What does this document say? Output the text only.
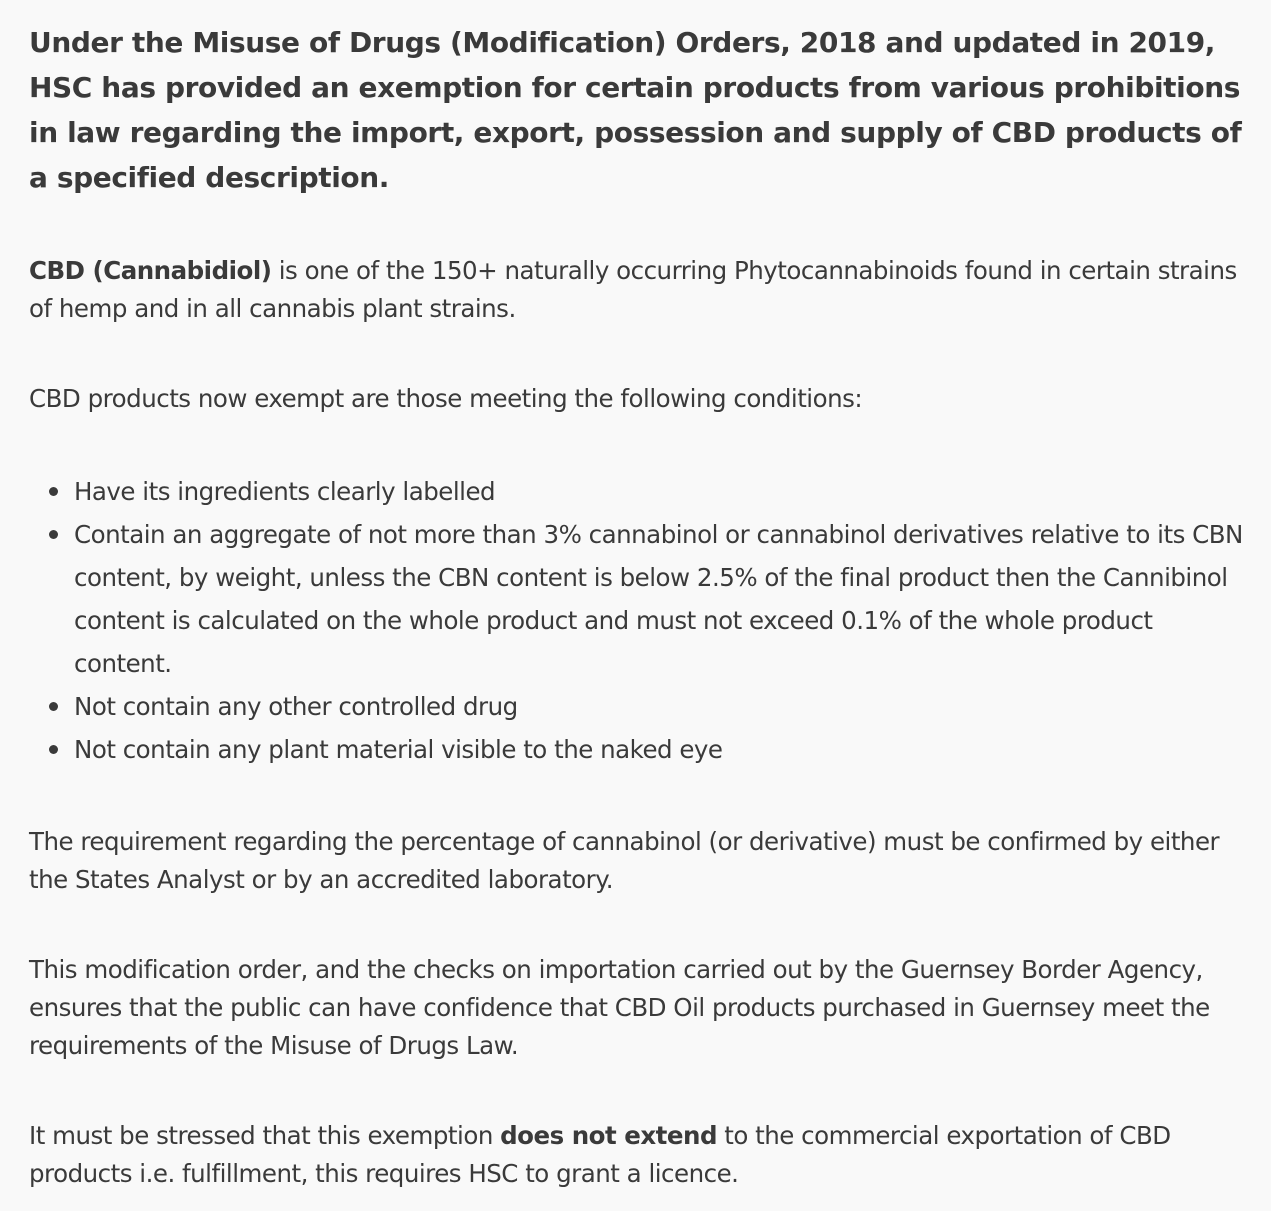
Under the Misuse of Drugs (Modification) Orders, 2018 and updated in 2019, HSC has provided an exemption for certain products from various prohibitions in law regarding the import, export, possession and supply of CBD products of a specified description.

CBD (Cannabidiol) is one of the 150+ naturally occurring Phytocannabinoids found in certain strains of hemp and in all cannabis plant strains.

CBD products now exempt are those meeting the following conditions:

Have its ingredients clearly labelled
Contain an aggregate of not more than 3% cannabinol or cannabinol derivatives relative to its CBN content, by weight, unless the CBN content is below 2.5% of the final product then the Cannibinol content is calculated on the whole product and must not exceed 0.1% of the whole product content.
Not contain any other controlled drug
Not contain any plant material visible to the naked eye

The requirement regarding the percentage of cannabinol (or derivative) must be confirmed by either the States Analyst or by an accredited laboratory.

This modification order, and the checks on importation carried out by the Guernsey Border Agency, ensures that the public can have confidence that CBD Oil products purchased in Guernsey meet the requirements of the Misuse of Drugs Law.

It must be stressed that this exemption does not extend to the commercial exportation of CBD products i.e. fulfillment, this requires HSC to grant a licence.
